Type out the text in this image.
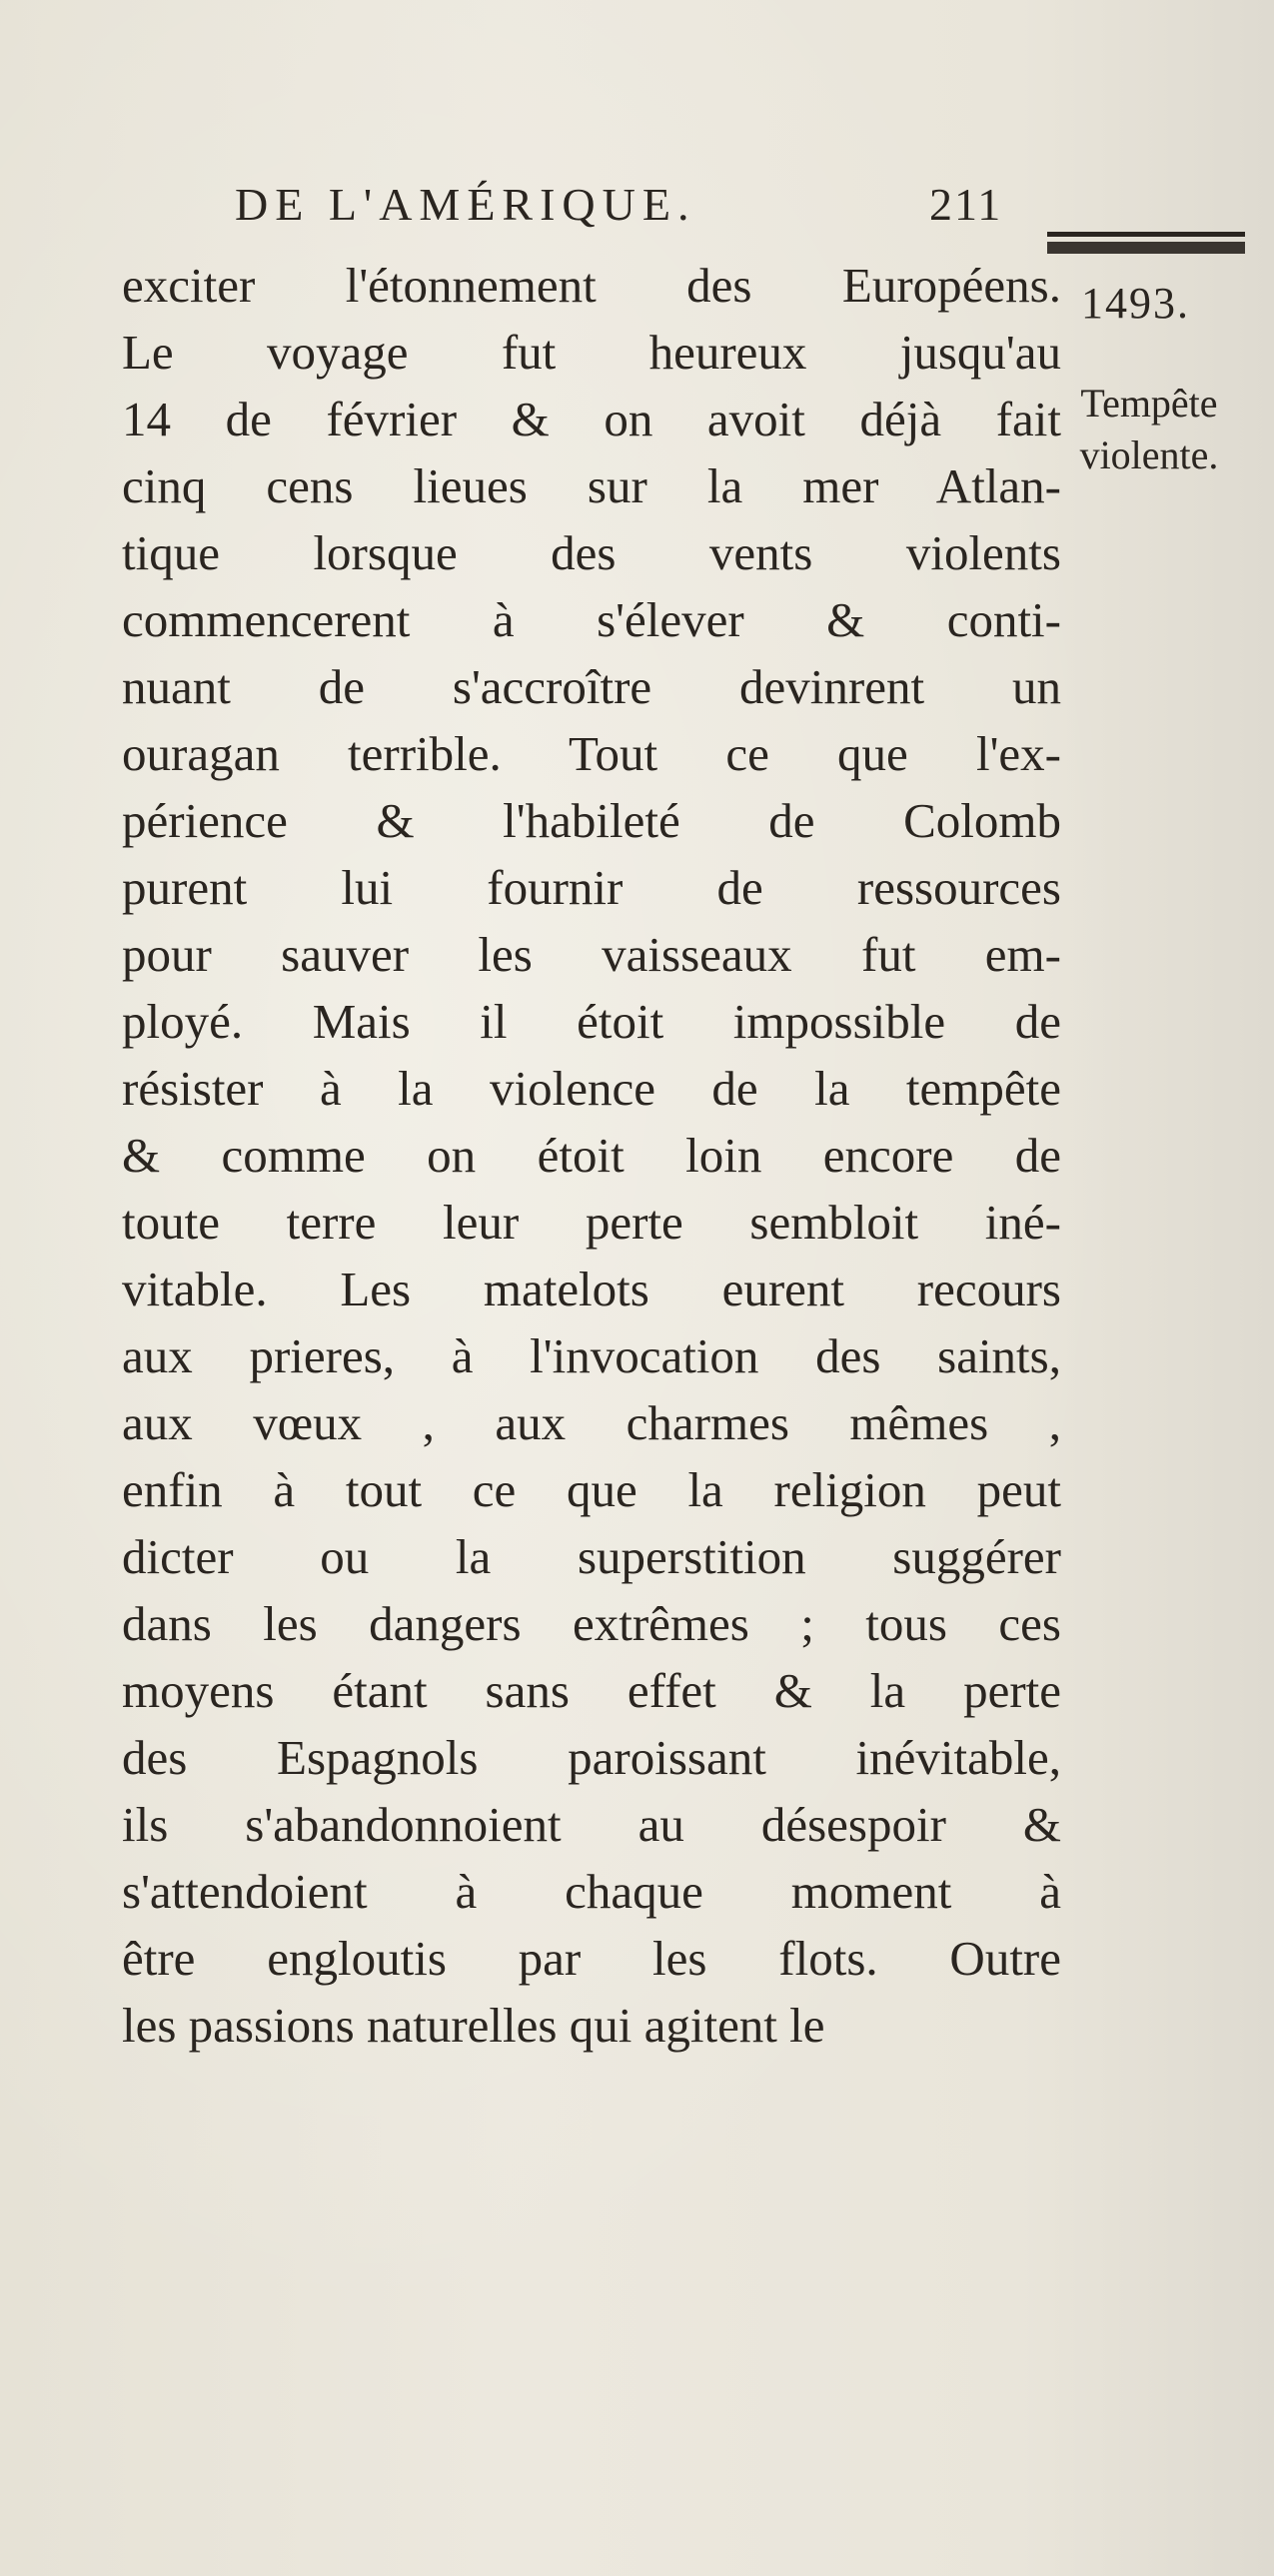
DE L'AMÉRIQUE.	211
1493.
Tempête
violente.
exciter l'étonnement des Européens.
Le voyage fut heureux jusqu'au
14 de février & on avoit déjà fait
cinq cens lieues sur la mer Atlan-
tique lorsque des vents violents
commencerent à s'élever & conti-
nuant de s'accroître devinrent un
ouragan terrible. Tout ce que l'ex-
périence & l'habileté de Colomb
purent lui fournir de ressources
pour sauver les vaisseaux fut em-
ployé. Mais il étoit impossible de
résister à la violence de la tempête
& comme on étoit loin encore de
toute terre leur perte sembloit iné-
vitable. Les matelots eurent recours
aux prieres, à l'invocation des saints,
aux vœux , aux charmes mêmes ,
enfin à tout ce que la religion peut
dicter ou la superstition suggérer
dans les dangers extrêmes ; tous ces
moyens étant sans effet & la perte
des Espagnols paroissant inévitable,
ils s'abandonnoient au désespoir &
s'attendoient à chaque moment à
être engloutis par les flots. Outre
les passions naturelles qui agitent le
